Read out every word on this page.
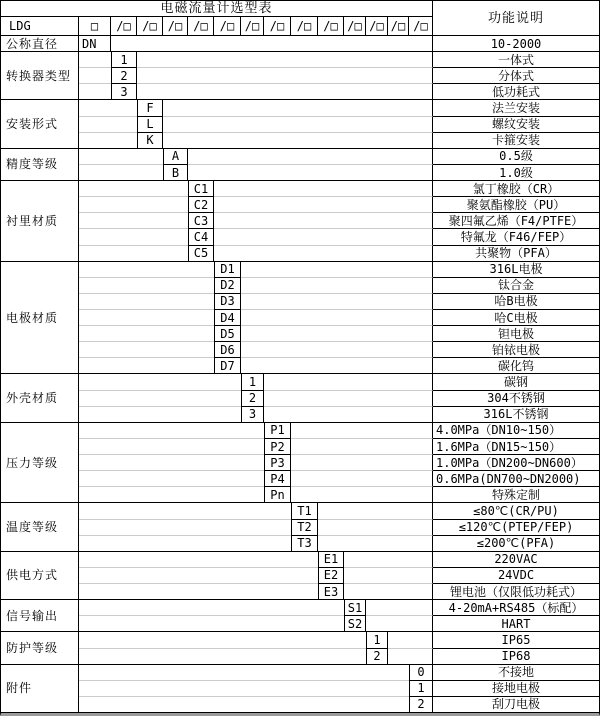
电磁流量计选型表
功能说明
LDG	□	/□ /□ /□ /□	/□ /□ /□	/□	/□ /□ /□ /□ /□
公称直径	DN	10-2000
转换器类型
1	一体式
2	分体式
3	低功耗式
安装形式
F	法兰安装
L	螺纹安装
K	卡箍安装
精度等级
A	0.5级
B	1.0级
衬里材质
C1	氯丁橡胶（CR）
C2	聚氨酯橡胶（PU）
C3	聚四氟乙烯（F4/PTFE）
C4	特氟龙（F46/FEP）
C5	共聚物（PFA）
电极材质
D1	316L电极
D2	钛合金
D3	哈B电极
D4	哈C电极
D5	钽电极
D6	铂铱电极
D7	碳化钨
外壳材质
1	碳钢
2	304不锈钢
3	316L不锈钢
压力等级
P1	4.0MPa（DN10~150）
P2	1.6MPa（DN15~150）
P3	1.0MPa（DN200~DN600）
P4	0.6MPa(DN700~DN2000)
Pn	特殊定制
温度等级
T1	≤80℃(CR/PU)
T2	≤120℃(PTEP/FEP)
T3	≤200℃(PFA)
供电方式
E1	220VAC
E2	24VDC
E3	锂电池（仅限低功耗式）
信号输出
S1	4-20mA+RS485（标配）
S2	HART
防护等级
1	IP65
2	IP68
附件
0	不接地
1	接地电极
2	刮刀电极
